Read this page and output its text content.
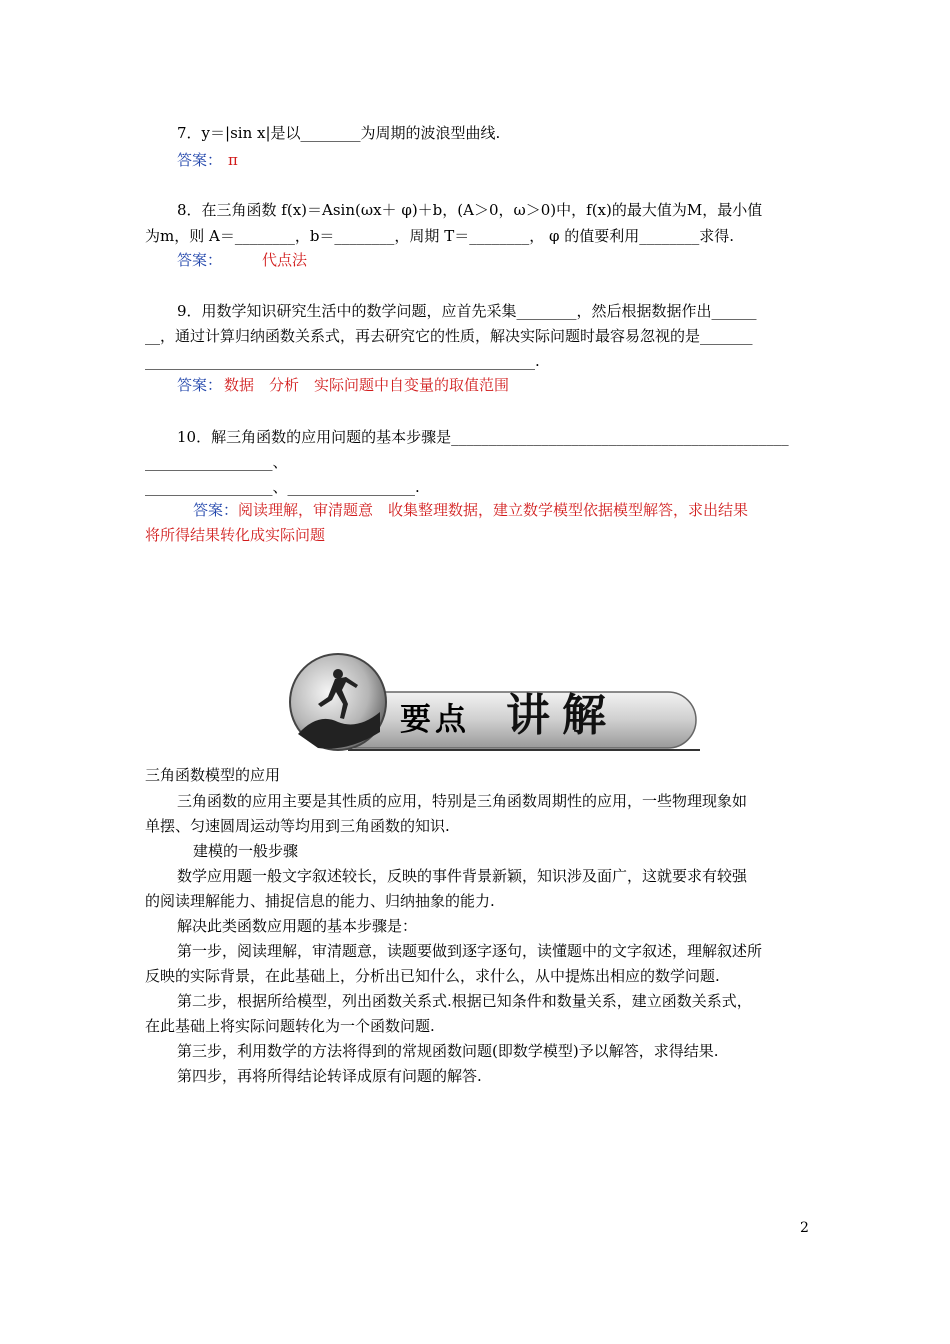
7．y＝|sin x|是以________为周期的波浪型曲线.
答案： π
8．在三角函数 f(x)＝Asin(ωx＋ φ)＋b，(A＞0，ω＞0)中，f(x)的最大值为M，最小值
为m，则 A＝________，b＝________，周期 T＝________， φ 的值要利用________求得.
答案：	代点法
9．用数学知识研究生活中的数学问题，应首先采集________，然后根据数据作出______
__，通过计算归纳函数关系式，再去研究它的性质，解决实际问题时最容易忽视的是_______
____________________________________________________.
答案： 数据　分析　实际问题中自变量的取值范围
10．解三角函数的应用问题的基本步骤是_____________________________________________
_________________、
_________________、_________________.
答案：阅读理解，审清题意　收集整理数据，建立数学模型依据模型解答，求出结果
将所得结果转化成实际问题
要点 讲解
三角函数模型的应用
三角函数的应用主要是其性质的应用，特别是三角函数周期性的应用，一些物理现象如
单摆、匀速圆周运动等均用到三角函数的知识.
建模的一般步骤
数学应用题一般文字叙述较长，反映的事件背景新颖，知识涉及面广，这就要求有较强
的阅读理解能力、捕捉信息的能力、归纳抽象的能力.
解决此类函数应用题的基本步骤是：
第一步，阅读理解，审清题意，读题要做到逐字逐句，读懂题中的文字叙述，理解叙述所
反映的实际背景，在此基础上，分析出已知什么，求什么，从中提炼出相应的数学问题.
第二步，根据所给模型，列出函数关系式.根据已知条件和数量关系，建立函数关系式，
在此基础上将实际问题转化为一个函数问题.
第三步，利用数学的方法将得到的常规函数问题(即数学模型)予以解答，求得结果.
第四步，再将所得结论转译成原有问题的解答.
2
